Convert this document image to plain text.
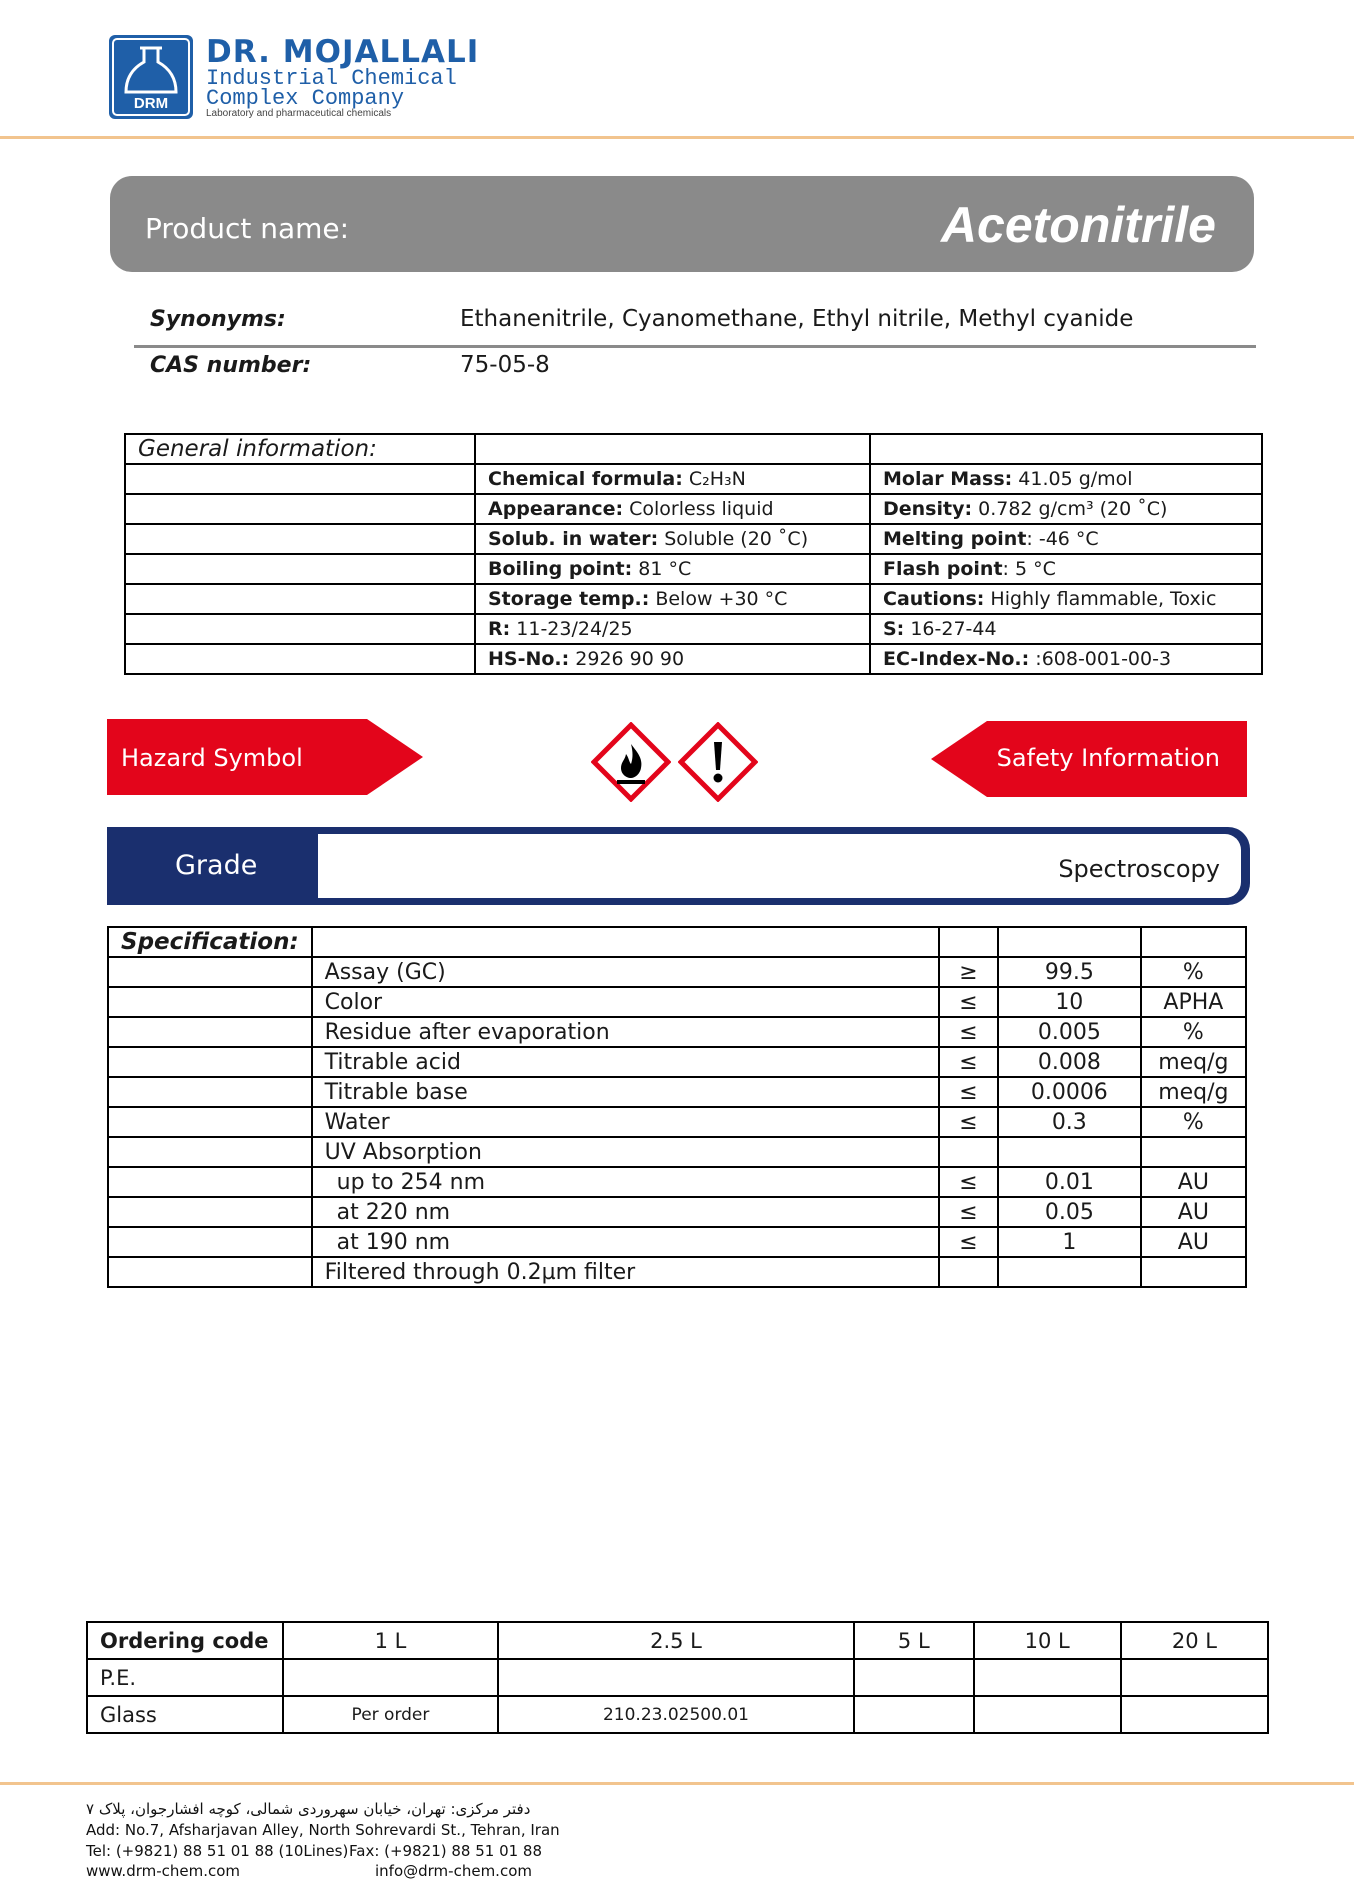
DRM
DR. MOJALLALI
Industrial Chemical
Complex Company
Laboratory and pharmaceutical chemicals
Product name:	Acetonitrile
Synonyms:	Ethanenitrile, Cyanomethane, Ethyl nitrile, Methyl cyanide
CAS number:	75-05-8
General information:		
	Chemical formula: C₂H₃N	Molar Mass: 41.05 g/mol
	Appearance: Colorless liquid	Density: 0.782 g/cm³ (20 ˚C)
	Solub. in water: Soluble (20 ˚C)	Melting point: -46 °C
	Boiling point: 81 °C	Flash point: 5 °C
	Storage temp.: Below +30 °C	Cautions: Highly flammable, Toxic
	R: 11-23/24/25	S: 16-27-44
	HS-No.: 2926 90 90	EC-Index-No.: :608-001-00-3
Hazard Symbol	Safety Information
Grade	Spectroscopy
Specification:				
	Assay (GC)	≥	99.5	%
	Color	≤	10	APHA
	Residue after evaporation	≤	0.005	%
	Titrable acid	≤	0.008	meq/g
	Titrable base	≤	0.0006	meq/g
	Water	≤	0.3	%
	UV Absorption			
	up to 254 nm	≤	0.01	AU
	at 220 nm	≤	0.05	AU
	at 190 nm	≤	1	AU
	Filtered through 0.2µm filter			
Ordering code	1 L	2.5 L	5 L	10 L	20 L
P.E.					
Glass	Per order	210.23.02500.01			
دفتر مرکزی: تهران، خیابان سهروردی شمالی، کوچه افشارجوان، پلاک ۷
Add: No.7, Afsharjavan Alley, North Sohrevardi St., Tehran, Iran
Tel: (+9821) 88 51 01 88 (10Lines) Fax: (+9821) 88 51 01 88
www.drm-chem.com	info@drm-chem.com
